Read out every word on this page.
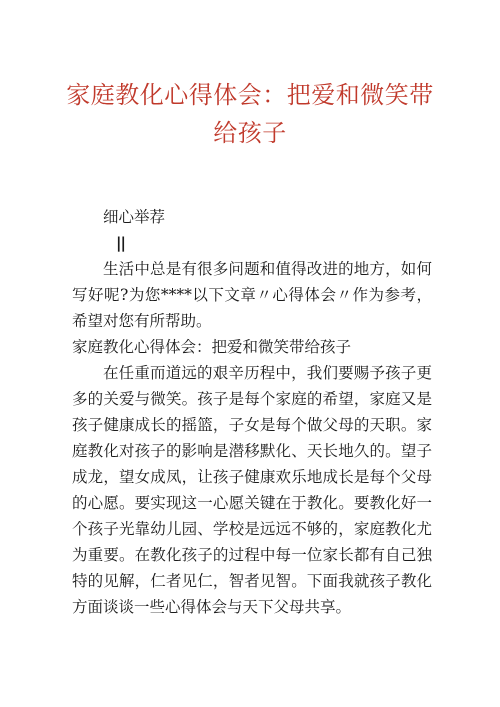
家庭教化心得体会：把爱和微笑带给孩子

细心举荐

||

生活中总是有很多问题和值得改进的地方，如何写好呢?为您****以下文章〃心得体会〃作为参考，希望对您有所帮助。

家庭教化心得体会：把爱和微笑带给孩子

在任重而道远的艰辛历程中，我们要赐予孩子更多的关爱与微笑。孩子是每个家庭的希望，家庭又是孩子健康成长的摇篮，子女是每个做父母的天职。家庭教化对孩子的影响是潜移默化、天长地久的。望子成龙，望女成凤，让孩子健康欢乐地成长是每个父母的心愿。要实现这一心愿关键在于教化。要教化好一个孩子光靠幼儿园、学校是远远不够的，家庭教化尤为重要。在教化孩子的过程中每一位家长都有自己独特的见解，仁者见仁，智者见智。下面我就孩子教化方面谈谈一些心得体会与天下父母共享。
